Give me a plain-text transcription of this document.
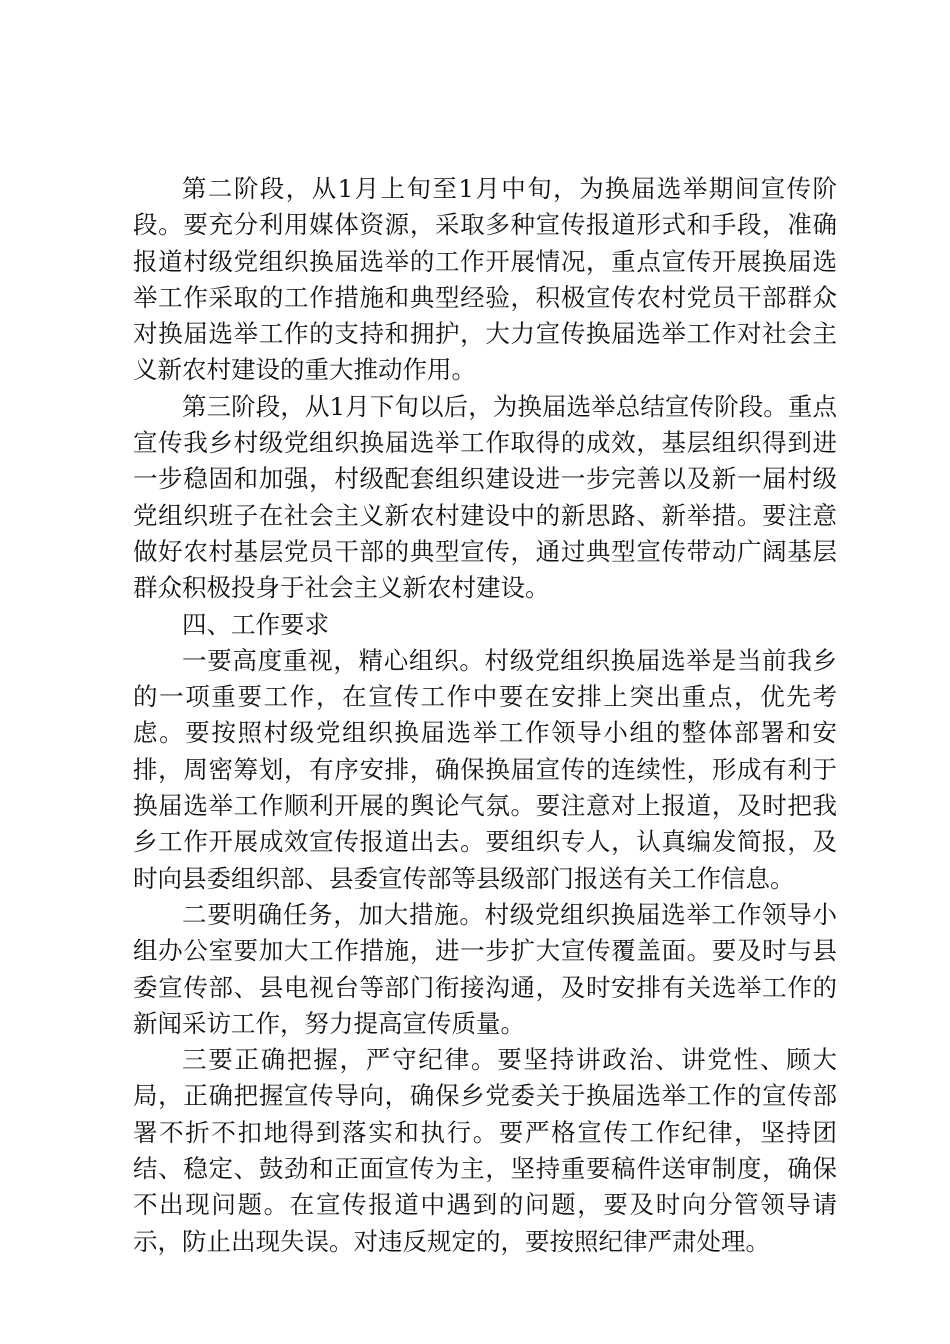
第二阶段，从1月上旬至1月中旬，为换届选举期间宣传阶段。要充分利用媒体资源，采取多种宣传报道形式和手段，准确报道村级党组织换届选举的工作开展情况，重点宣传开展换届选举工作采取的工作措施和典型经验，积极宣传农村党员干部群众对换届选举工作的支持和拥护，大力宣传换届选举工作对社会主义新农村建设的重大推动作用。

第三阶段，从1月下旬以后，为换届选举总结宣传阶段。重点宣传我乡村级党组织换届选举工作取得的成效，基层组织得到进一步稳固和加强，村级配套组织建设进一步完善以及新一届村级党组织班子在社会主义新农村建设中的新思路、新举措。要注意做好农村基层党员干部的典型宣传，通过典型宣传带动广阔基层群众积极投身于社会主义新农村建设。

四、工作要求

一要高度重视，精心组织。村级党组织换届选举是当前我乡的一项重要工作，在宣传工作中要在安排上突出重点，优先考虑。要按照村级党组织换届选举工作领导小组的整体部署和安排，周密筹划，有序安排，确保换届宣传的连续性，形成有利于换届选举工作顺利开展的舆论气氛。要注意对上报道，及时把我乡工作开展成效宣传报道出去。要组织专人，认真编发简报，及时向县委组织部、县委宣传部等县级部门报送有关工作信息。

二要明确任务，加大措施。村级党组织换届选举工作领导小组办公室要加大工作措施，进一步扩大宣传覆盖面。要及时与县委宣传部、县电视台等部门衔接沟通，及时安排有关选举工作的新闻采访工作，努力提高宣传质量。

三要正确把握，严守纪律。要坚持讲政治、讲党性、顾大局，正确把握宣传导向，确保乡党委关于换届选举工作的宣传部署不折不扣地得到落实和执行。要严格宣传工作纪律，坚持团结、稳定、鼓劲和正面宣传为主，坚持重要稿件送审制度，确保不出现问题。在宣传报道中遇到的问题，要及时向分管领导请示，防止出现失误。对违反规定的，要按照纪律严肃处理。
